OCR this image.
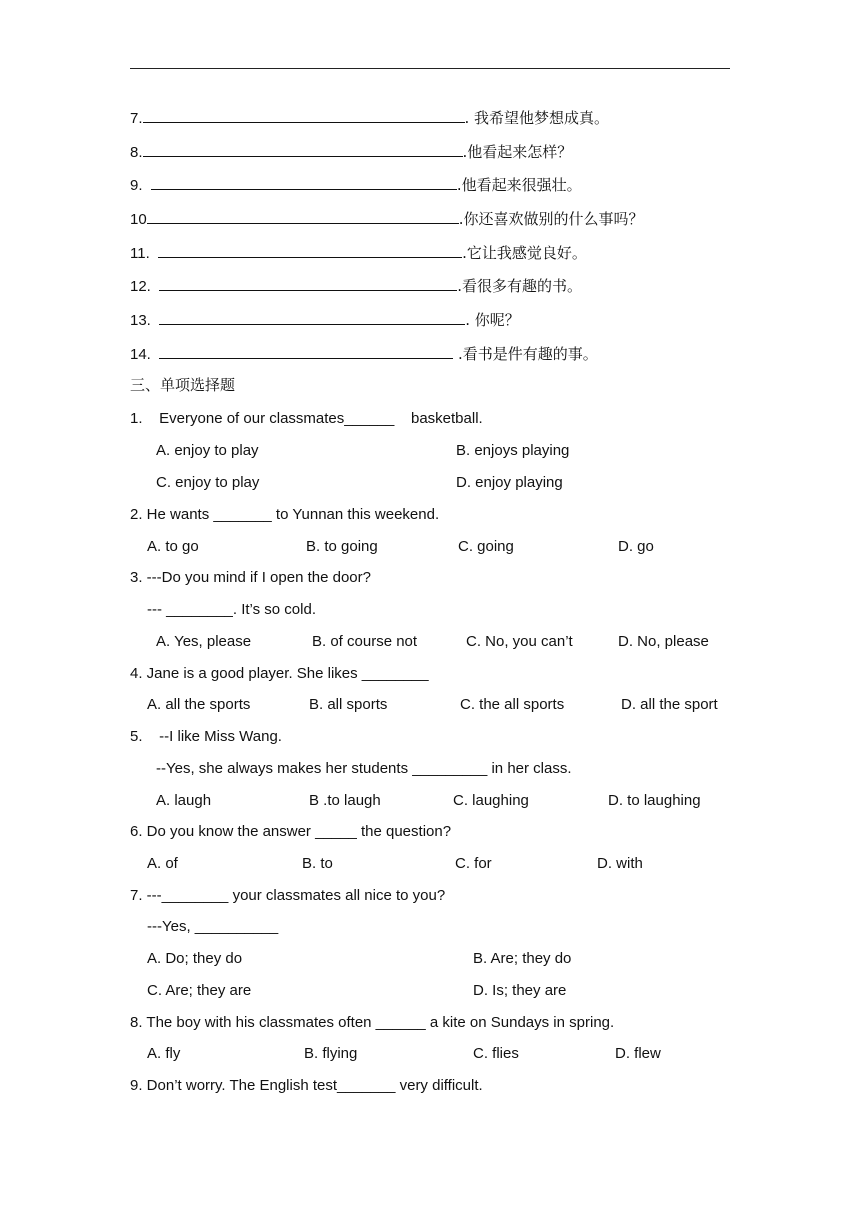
7.	. 我希望他梦想成真。
8.	.他看起来怎样？
9.	.他看起来很强壮。
10	.你还喜欢做别的什么事吗？
11.	.它让我感觉良好。
12.	.看很多有趣的书。
13.	. 你呢？
14.	.看书是件有趣的事。
三、单项选择题
1.    Everyone of our classmates______    basketball.
A. enjoy to play	B. enjoys playing
C. enjoy to play	D. enjoy playing
2. He wants _______ to Yunnan this weekend.
A. to go	B. to going	C. going	D. go
3. ---Do you mind if I open the door?
--- ________. It’s so cold.
A. Yes, please	B. of course not	C. No, you can’t	D. No, please
4. Jane is a good player. She likes ________
A. all the sports	B. all sports	C. the all sports	D. all the sport
5.    --I like Miss Wang.
--Yes, she always makes her students _________ in her class.
A. laugh	B .to laugh	C. laughing	D. to laughing
6. Do you know the answer _____ the question?
A. of	B. to	C. for	D. with
7. ---________ your classmates all nice to you?
---Yes, __________
A. Do; they do	B. Are; they do
C. Are; they are	D. Is; they are
8. The boy with his classmates often ______ a kite on Sundays in spring.
A. fly	B. flying	C. flies	D. flew
9. Don’t worry. The English test_______ very difficult.
